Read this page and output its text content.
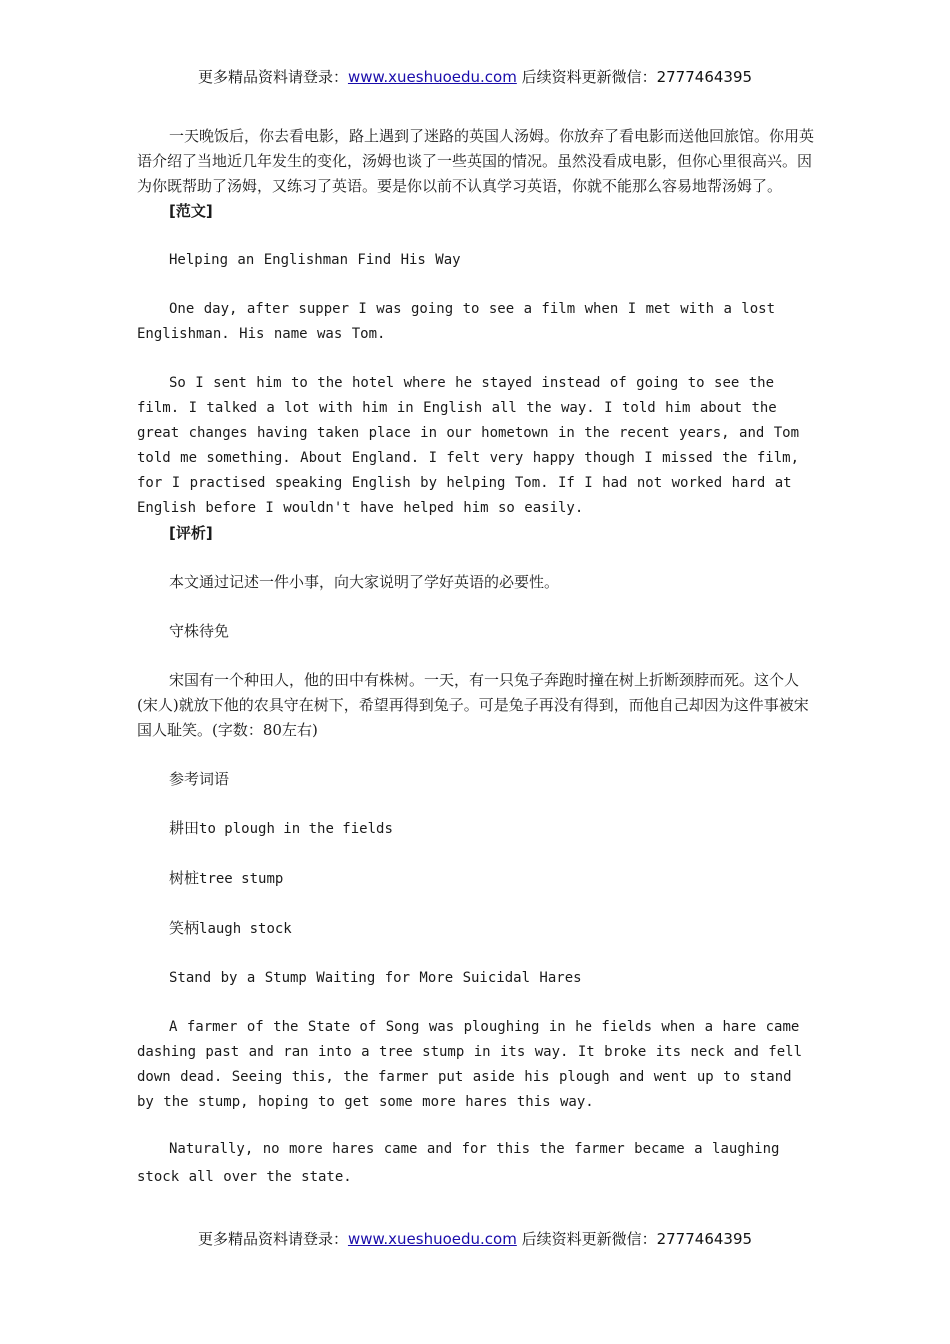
更多精品资料请登录：www.xueshuoedu.com 后续资料更新微信：2777464395

一天晚饭后，你去看电影，路上遇到了迷路的英国人汤姆。你放弃了看电影而送他回旅馆。你用英语介绍了当地近几年发生的变化，汤姆也谈了一些英国的情况。虽然没看成电影，但你心里很高兴。因为你既帮助了汤姆，又练习了英语。要是你以前不认真学习英语，你就不能那么容易地帮汤姆了。

[范文]

Helping an Englishman Find His Way

One day, after supper I was going to see a film when I met with a lost Englishman. His name was Tom.

So I sent him to the hotel where he stayed instead of going to see the film. I talked a lot with him in English all the way. I told him about the great changes having taken place in our hometown in the recent years, and Tom told me something. About England. I felt very happy though I missed the film, for I practised speaking English by helping Tom. If I had not worked hard at English before I wouldn't have helped him so easily.

[评析]

本文通过记述一件小事，向大家说明了学好英语的必要性。

守株待免

宋国有一个种田人，他的田中有株树。一天，有一只兔子奔跑时撞在树上折断颈脖而死。这个人(宋人)就放下他的农具守在树下，希望再得到兔子。可是兔子再没有得到，而他自己却因为这件事被宋国人耻笑。(字数：80左右)

参考词语

耕田to plough in the fields

树桩tree stump

笑柄laugh stock

Stand by a Stump Waiting for More Suicidal Hares

A farmer of the State of Song was ploughing in he fields when a hare came dashing past and ran into a tree stump in its way. It broke its neck and fell down dead. Seeing this, the farmer put aside his plough and went up to stand by the stump, hoping to get some more hares this way.

Naturally, no more hares came and for this the farmer became a laughing stock all over the state.

更多精品资料请登录：www.xueshuoedu.com 后续资料更新微信：2777464395
